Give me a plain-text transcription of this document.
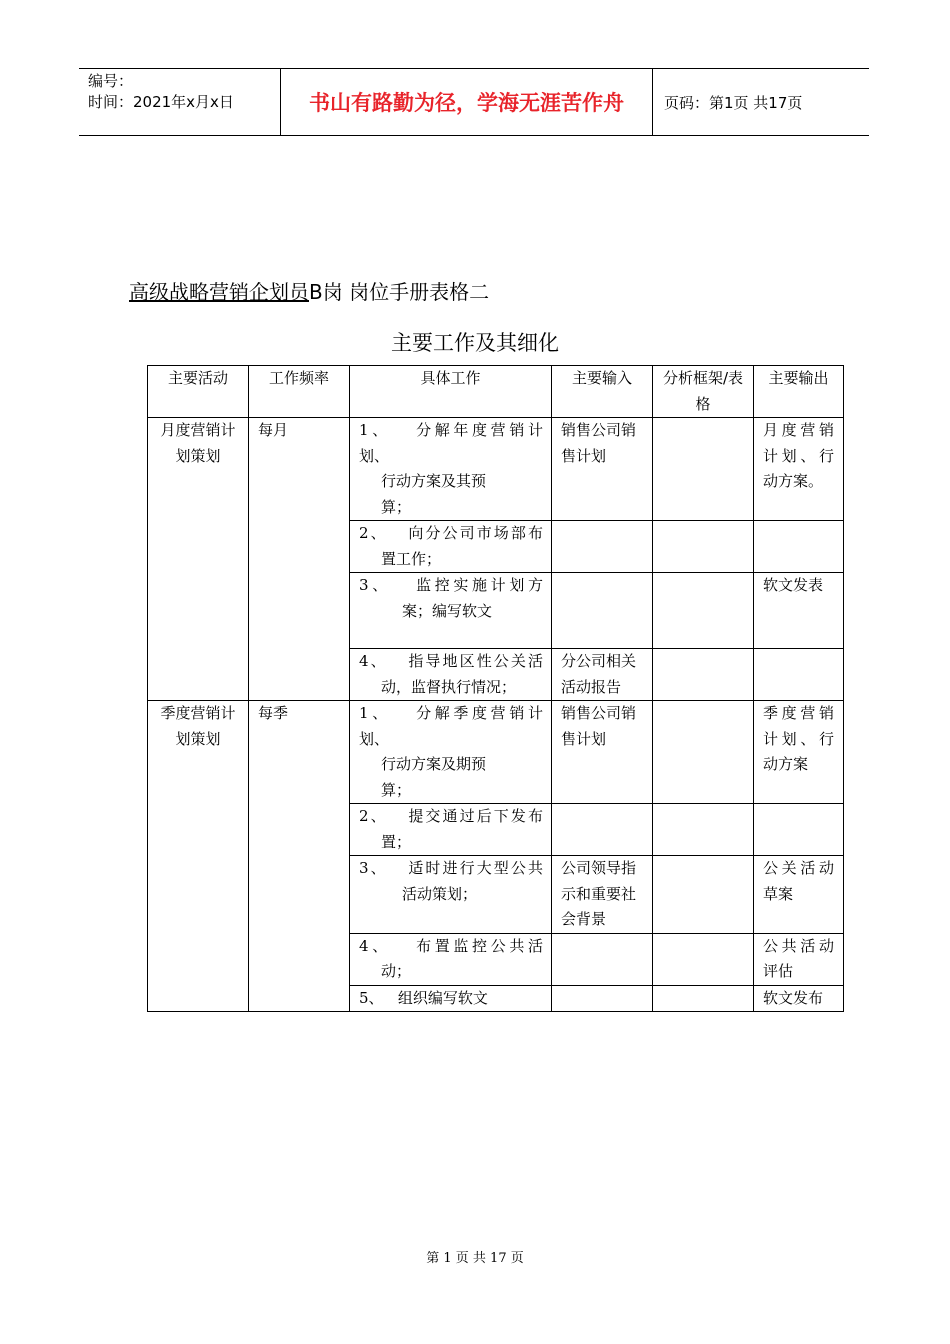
编号：
时间：2021年x月x日	书山有路勤为径，学海无涯苦作舟	页码：第1页 共17页
高级战略营销企划员B岗 岗位手册表格二
主要工作及其细化
主要活动	工作频率	具体工作	主要输入	分析框架/表格	主要输出
月度营销计划策划	每月	1、 分解年度营销计
划、
行动方案及其预
算；	销售公司销售计划		月度营销计划、行动方案。

		2、 向分公司市场部布
置工作；			

		3、 监控实施计划方
案；编写软文			软文发表

		4、 指导地区性公关活
动，监督执行情况；	分公司相关活动报告		
季度营销计划策划	每季	1、 分解季度营销计
划、
行动方案及期预
算；	销售公司销售计划		季度营销计划、行动方案

		2、 提交通过后下发布
置；			

		3、 适时进行大型公共
活动策划；	公司领导指示和重要社会背景		公关活动草案

		4、 布置监控公共活
动；			公共活动评估

		5、 组织编写软文			软文发布
第 1 页 共 17 页
